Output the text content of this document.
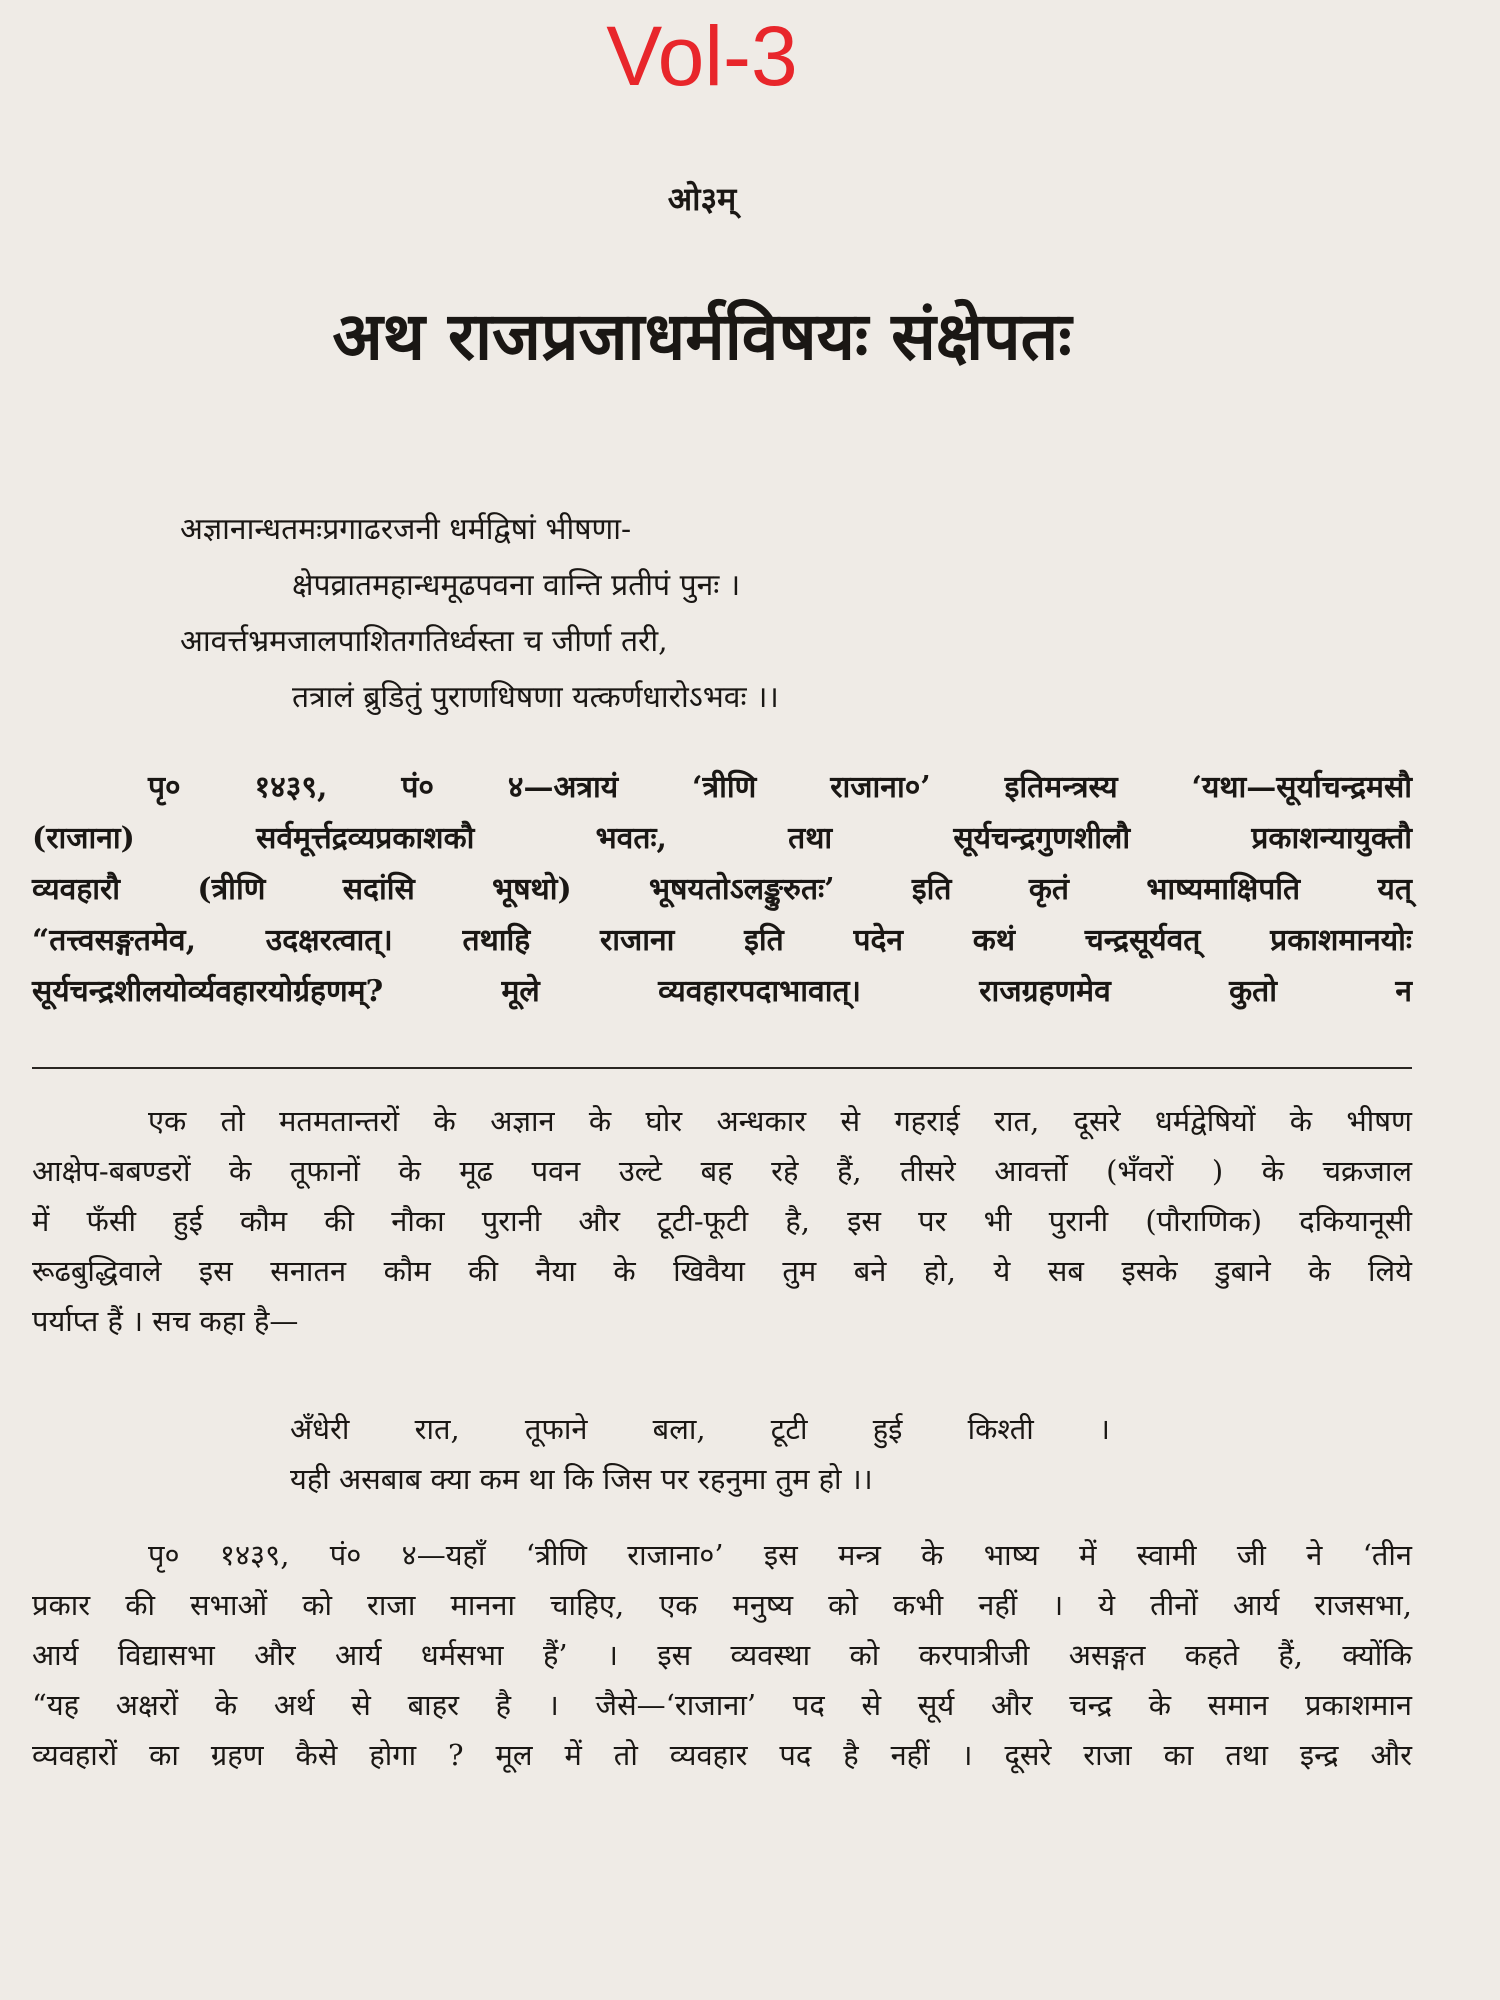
Vol-3
ओ३म्
अथ राजप्रजाधर्मविषयः संक्षेपतः
अज्ञानान्धतमःप्रगाढरजनी धर्मद्विषां भीषणा-
क्षेपव्रातमहान्धमूढपवना वान्ति प्रतीपं पुनः ।
आवर्त्तभ्रमजालपाशितगतिर्ध्वस्ता च जीर्णा तरी,
तत्रालं ब्रुडितुं पुराणधिषणा यत्कर्णधारोऽभवः ।।
पृ० १४३९, पं० ४—अत्रायं ‘त्रीणि राजाना०’ इतिमन्त्रस्य ‘यथा—सूर्याचन्द्रमसौ
(राजाना) सर्वमूर्त्तद्रव्यप्रकाशकौ भवतः, तथा सूर्यचन्द्रगुणशीलौ प्रकाशन्यायुक्तौ
व्यवहारौ (त्रीणि सदांसि भूषथो) भूषयतोऽलङ्कुरुतः’ इति कृतं भाष्यमाक्षिपति यत्
“तत्त्वसङ्गतमेव, उदक्षरत्वात्। तथाहि राजाना इति पदेन कथं चन्द्रसूर्यवत् प्रकाशमानयोः
सूर्यचन्द्रशीलयोर्व्यवहारयोर्ग्रहणम्? मूले व्यवहारपदाभावात्। राजग्रहणमेव कुतो न
एक तो मतमतान्तरों के अज्ञान के घोर अन्धकार से गहराई रात, दूसरे धर्मद्वेषियों के भीषण
आक्षेप-बबण्डरों के तूफानों के मूढ पवन उल्टे बह रहे हैं, तीसरे आवर्त्तो (भँवरों ) के चक्रजाल
में फँसी हुई कौम की नौका पुरानी और टूटी-फूटी है, इस पर भी पुरानी (पौराणिक) दकियानूसी
रूढबुद्धिवाले इस सनातन कौम की नैया के खिवैया तुम बने हो, ये सब इसके डुबाने के लिये
पर्याप्त हैं । सच कहा है—
अँधेरी रात, तूफाने बला, टूटी हुई किश्ती ।
यही असबाब क्या कम था कि जिस पर रहनुमा तुम हो ।।
पृ० १४३९, पं० ४—यहाँ ‘त्रीणि राजाना०’ इस मन्त्र के भाष्य में स्वामी जी ने ‘तीन
प्रकार की सभाओं को राजा मानना चाहिए, एक मनुष्य को कभी नहीं । ये तीनों आर्य राजसभा,
आर्य विद्यासभा और आर्य धर्मसभा हैं’ । इस व्यवस्था को करपात्रीजी असङ्गत कहते हैं, क्योंकि
“यह अक्षरों के अर्थ से बाहर है । जैसे—‘राजाना’ पद से सूर्य और चन्द्र के समान प्रकाशमान
व्यवहारों का ग्रहण कैसे होगा ? मूल में तो व्यवहार पद है नहीं । दूसरे राजा का तथा इन्द्र और
